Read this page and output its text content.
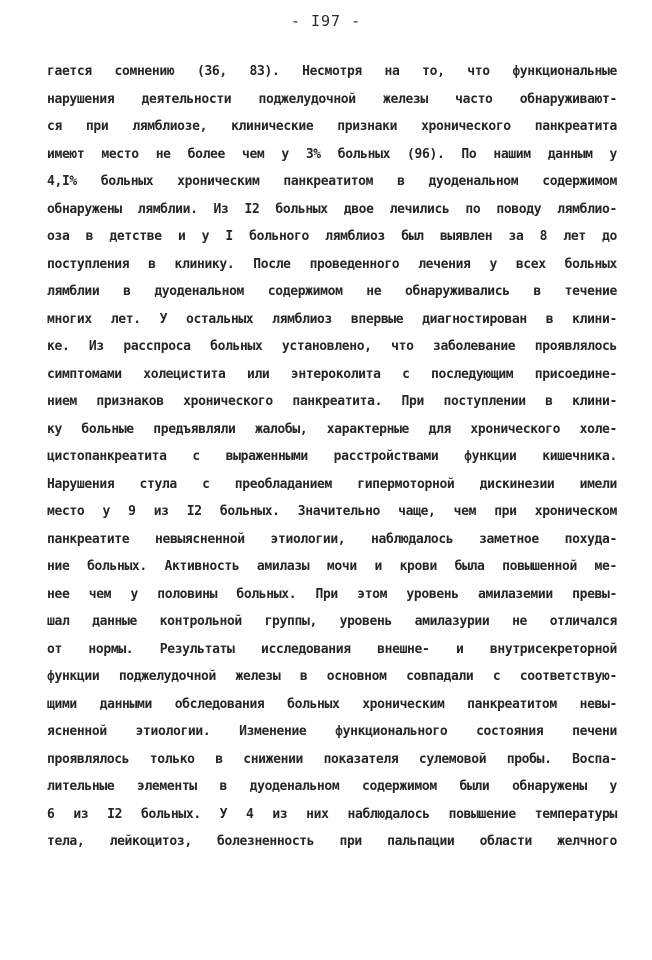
- I97 -
гается сомнению (36, 83). Несмотря на то, что функциональные
нарушения деятельности поджелудочной железы часто обнаруживают-
ся при лямблиозе, клинические признаки хронического панкреатита
имеют место не более чем у 3% больных (96). По нашим данным у
4,I% больных хроническим панкреатитом в дуоденальном содержимом
обнаружены лямблии. Из I2 больных двое лечились по поводу лямблио-
оза в детстве и у I больного лямблиоз был выявлен за 8 лет до
поступления в клинику. После проведенного лечения у всех больных
лямблии в дуоденальном содержимом не обнаруживались в течение
многих лет. У остальных лямблиоз впервые диагностирован в клини-
ке. Из расспроса больных установлено, что заболевание проявлялось
симптомами холецистита или энтероколита с последующим присоедине-
нием признаков хронического панкреатита. При поступлении в клини-
ку больные предъявляли жалобы, характерные для хронического холе-
цистопанкреатита с выраженными расстройствами функции кишечника.
Нарушения стула с преобладанием гипермоторной дискинезии имели
место у 9 из I2 больных. Значительно чаще, чем при хроническом
панкреатите невыясненной этиологии, наблюдалось заметное похуда-
ние больных. Активность амилазы мочи и крови была повышенной ме-
нее чем у половины больных. При этом уровень амилаземии превы-
шал данные контрольной группы, уровень амилазурии не отличался
от нормы. Результаты исследования внешне- и внутрисекреторной
функции поджелудочной железы в основном совпадали с соответствую-
щими данными обследования больных хроническим панкреатитом невы-
ясненной этиологии. Изменение функционального состояния печени
проявлялось только в снижении показателя сулемовой пробы. Воспа-
лительные элементы в дуоденальном содержимом были обнаружены у
6 из I2 больных. У 4 из них наблюдалось повышение температуры
тела, лейкоцитоз, болезненность при пальпации области желчного
